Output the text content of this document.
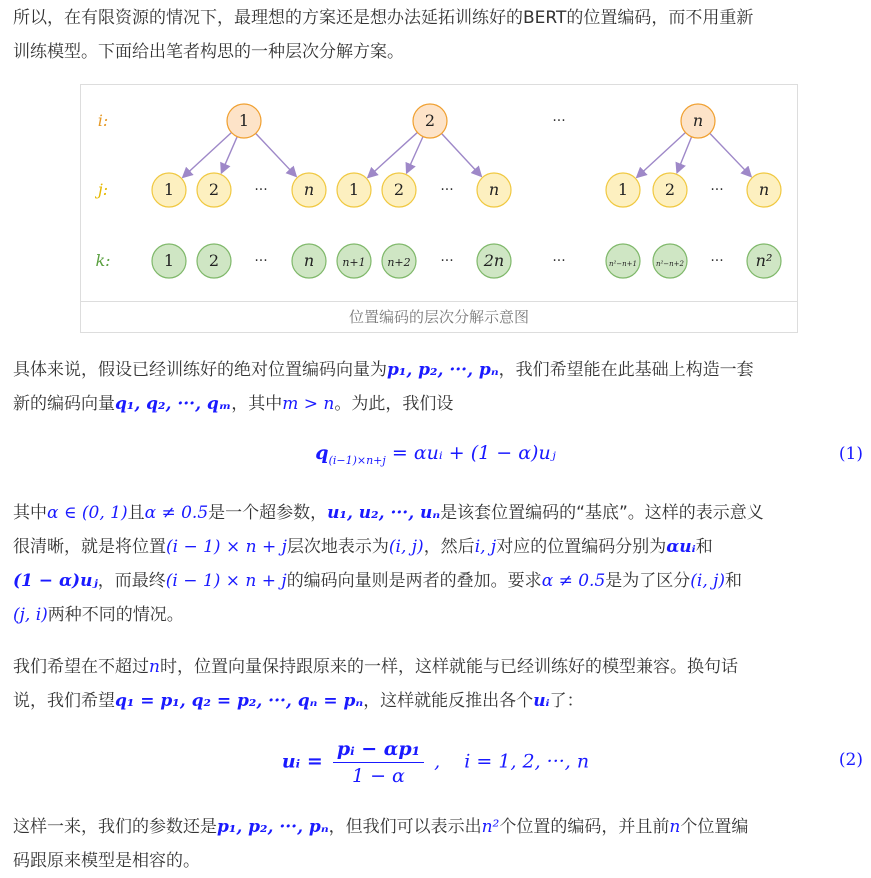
所以，在有限资源的情况下，最理想的方案还是想办法延拓训练好的BERT的位置编码，而不用重新
训练模型。下面给出笔者构思的一种层次分解方案。

1	2	n
···
1 2	n
···	1 2	n
···	1 2	n
···
1 2	n
···	n+1 n+2	2n
···	n²−n+1	n²−n+2	n²
···
···
i:
j:
k:
位置编码的层次分解示意图

具体来说，假设已经训练好的绝对位置编码向量为p₁, p₂, ···, pₙ，我们希望能在此基础上构造一套
新的编码向量q₁, q₂, ···, qₘ，其中m > n。为此，我们设

$q_{(i-1)\times n+j}$ = αuᵢ + (1 − α)uⱼ	(1)

其中α ∈ (0, 1)且α ≠ 0.5是一个超参数，u₁, u₂, ···, uₙ是该套位置编码的“基底”。这样的表示意义
很清晰，就是将位置(i − 1) × n + j层次地表示为(i, j)，然后i, j对应的位置编码分别为αuᵢ和
(1 − α)uⱼ，而最终(i − 1) × n + j的编码向量则是两者的叠加。要求α ≠ 0.5是为了区分(i, j)和
(j, i)两种不同的情况。

我们希望在不超过n时，位置向量保持跟原来的一样，这样就能与已经训练好的模型兼容。换句话
说，我们希望q₁ = p₁, q₂ = p₂, ···, qₙ = pₙ，这样就能反推出各个uᵢ了：

uᵢ = $\frac{\text{pᵢ − αp₁}}{1 - \alpha}$ ,    i = 1, 2, ···, n	(2)

这样一来，我们的参数还是p₁, p₂, ···, pₙ，但我们可以表示出n²个位置的编码，并且前n个位置编
码跟原来模型是相容的。
